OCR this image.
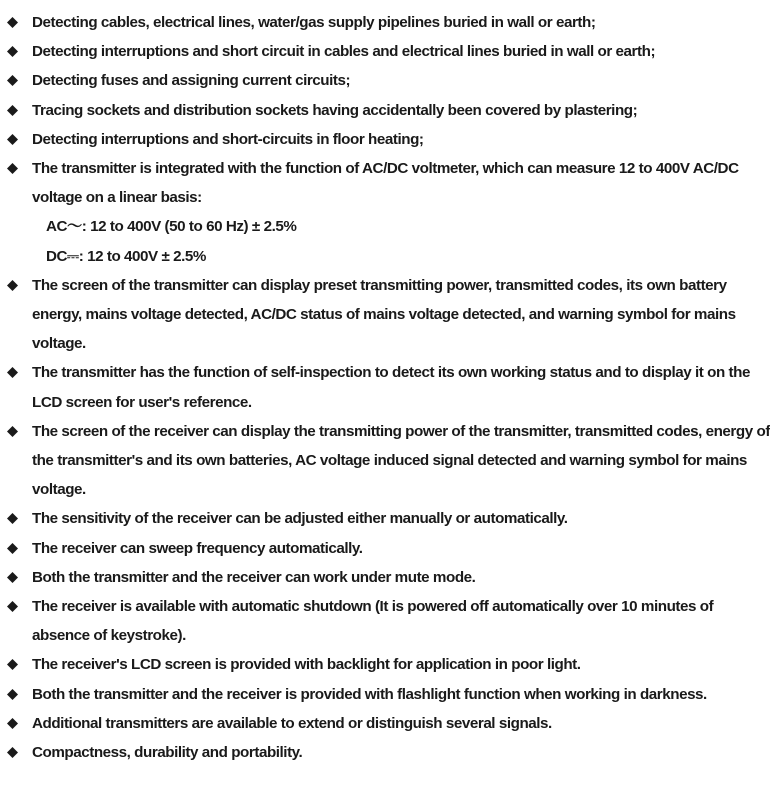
Detecting cables, electrical lines, water/gas supply pipelines buried in wall or earth;
Detecting interruptions and short circuit in cables and electrical lines buried in wall or earth;
Detecting fuses and assigning current circuits;
Tracing sockets and distribution sockets having accidentally been covered by plastering;
Detecting interruptions and short-circuits in floor heating;
The transmitter is integrated with the function of AC/DC voltmeter, which can measure 12 to 400V AC/DC voltage on a linear basis:
AC～: 12 to 400V (50 to 60 Hz) ± 2.5%
DC⎓: 12 to 400V ± 2.5%
The screen of the transmitter can display preset transmitting power, transmitted codes, its own battery energy, mains voltage detected, AC/DC status of mains voltage detected, and warning symbol for mains voltage.
The transmitter has the function of self-inspection to detect its own working status and to display it on the LCD screen for user's reference.
The screen of the receiver can display the transmitting power of the transmitter, transmitted codes, energy of the transmitter's and its own batteries, AC voltage induced signal detected and warning symbol for mains voltage.
The sensitivity of the receiver can be adjusted either manually or automatically.
The receiver can sweep frequency automatically.
Both the transmitter and the receiver can work under mute mode.
The receiver is available with automatic shutdown (It is powered off automatically over 10 minutes of absence of keystroke).
The receiver's LCD screen is provided with backlight for application in poor light.
Both the transmitter and the receiver is provided with flashlight function when working in darkness.
Additional transmitters are available to extend or distinguish several signals.
Compactness, durability and portability.
